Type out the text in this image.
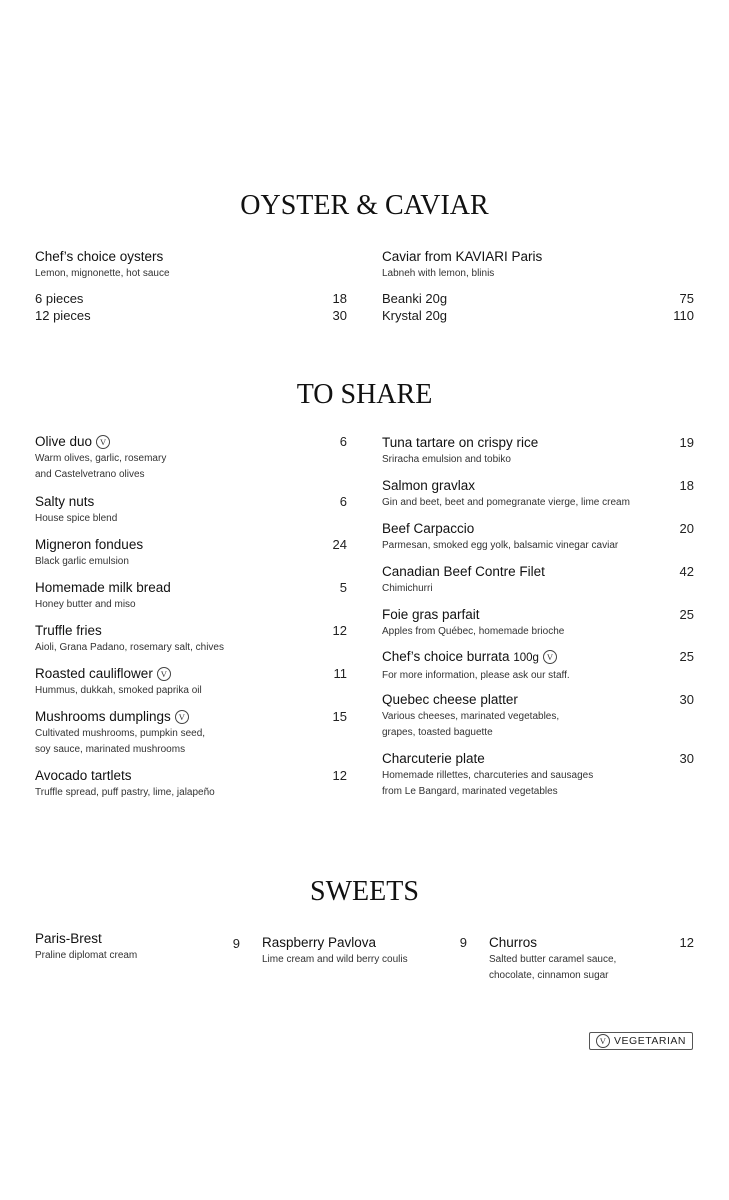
OYSTER & CAVIAR
Chef’s choice oysters
Lemon, mignonette, hot sauce
6 pieces	18
12 pieces	30
Caviar from KAVIARI Paris
Labneh with lemon, blinis
Beanki 20g	75
Krystal 20g	110
TO SHARE
Olive duo V
Warm olives, garlic, rosemary
and Castelvetrano olives
6
Salty nuts
House spice blend
6
Migneron fondues
Black garlic emulsion
24
Homemade milk bread
Honey butter and miso
5
Truffle fries
Aioli, Grana Padano, rosemary salt, chives
12
Roasted cauliflower V
Hummus, dukkah, smoked paprika oil
11
Mushrooms dumplings V
Cultivated mushrooms, pumpkin seed,
soy sauce, marinated mushrooms
15
Avocado tartlets
Truffle spread, puff pastry, lime, jalapeño
12
Tuna tartare on crispy rice
Sriracha emulsion and tobiko
19
Salmon gravlax
Gin and beet, beet and pomegranate vierge, lime cream
18
Beef Carpaccio
Parmesan, smoked egg yolk, balsamic vinegar caviar
20
Canadian Beef Contre Filet
Chimichurri
42
Foie gras parfait
Apples from Québec, homemade brioche
25
Chef’s choice burrata 100g V
For more information, please ask our staff.
25
Quebec cheese platter
Various cheeses, marinated vegetables,
grapes, toasted baguette
30
Charcuterie plate
Homemade rillettes, charcuteries and sausages
from Le Bangard, marinated vegetables
30
SWEETS
Paris-Brest
Praline diplomat cream
9 Raspberry Pavlova
Lime cream and wild berry coulis
9 Churros
Salted butter caramel sauce,
chocolate, cinnamon sugar
12
V VEGETARIAN
